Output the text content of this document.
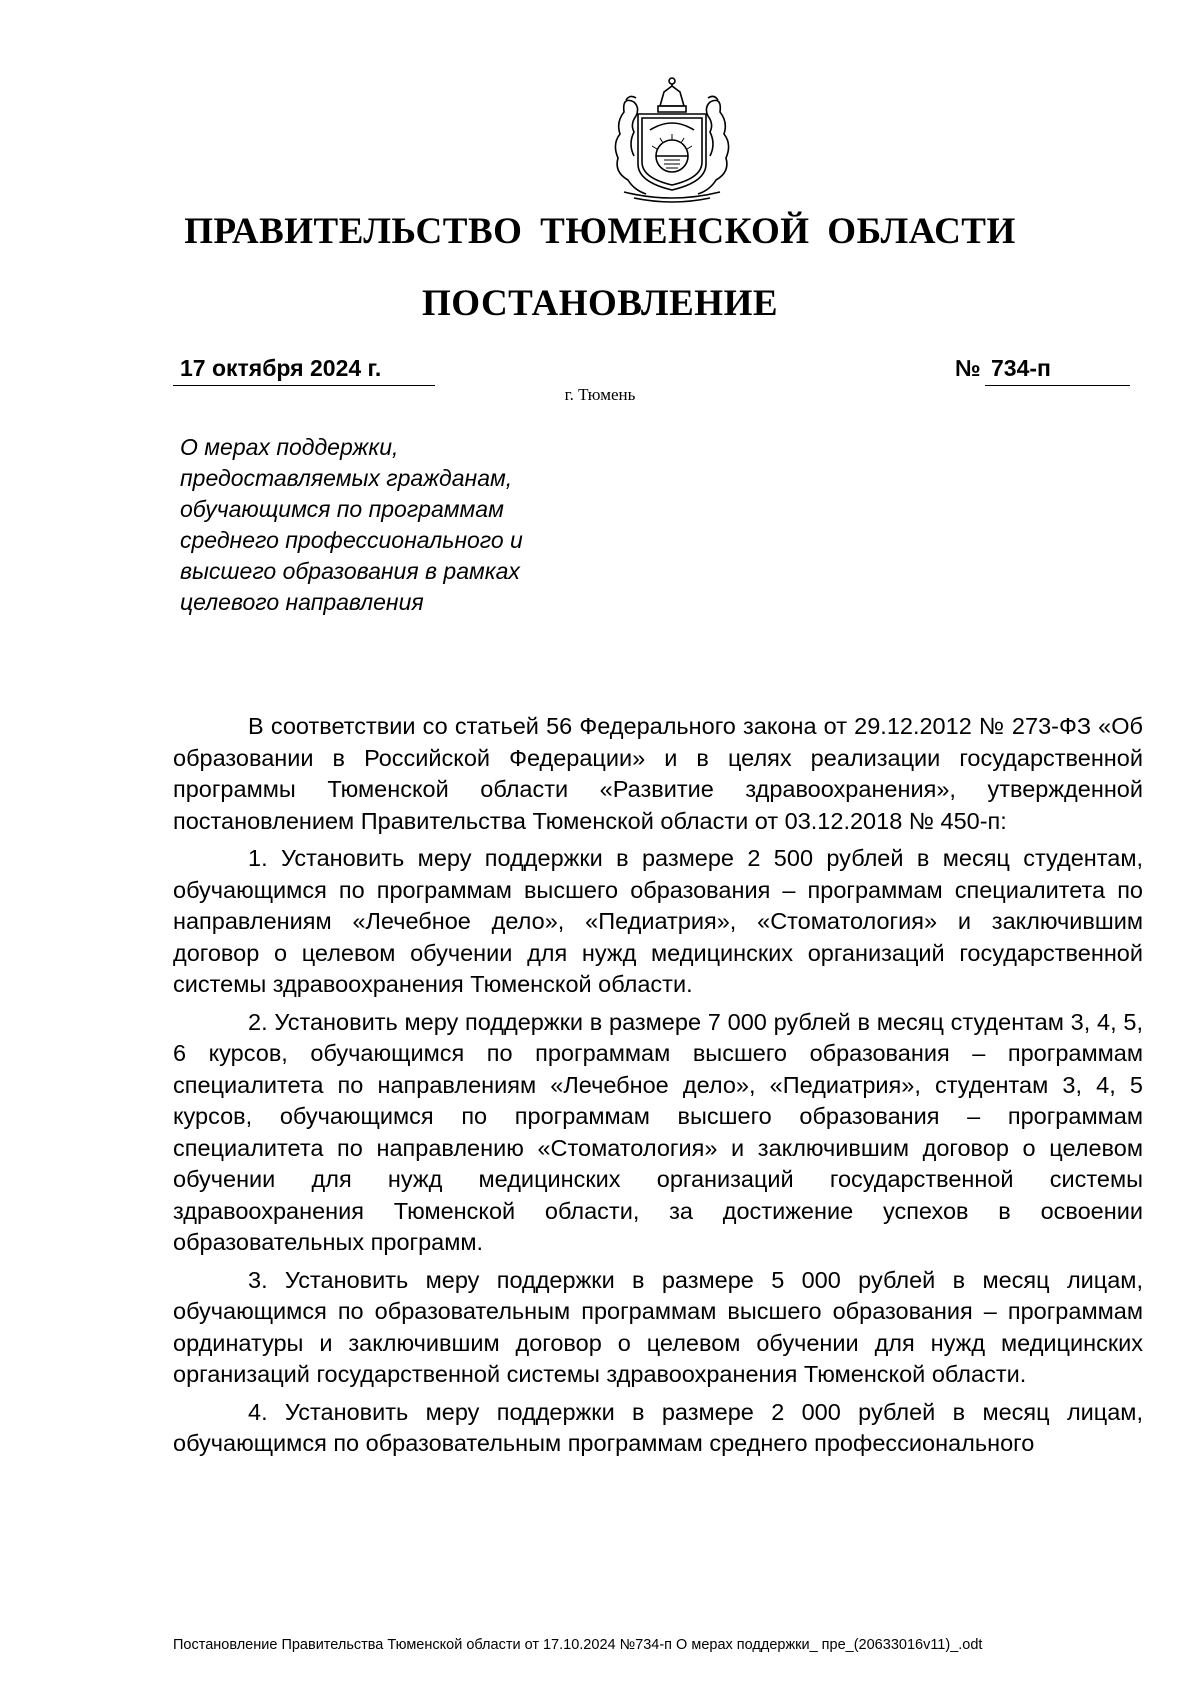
ПРАВИТЕЛЬСТВО ТЮМЕНСКОЙ ОБЛАСТИ
ПОСТАНОВЛЕНИЕ
17 октября 2024 г.	№ 734-п
г. Тюмень
О мерах поддержки,
предоставляемых гражданам,
обучающимся по программам
среднего профессионального и
высшего образования в рамках
целевого направления

В соответствии со статьей 56 Федерального закона от 29.12.2012 № 273-ФЗ «Об образовании в Российской Федерации» и в целях реализации государственной программы Тюменской области «Развитие здравоохранения», утвержденной постановлением Правительства Тюменской области от 03.12.2018 № 450-п:

1. Установить меру поддержки в размере 2 500 рублей в месяц студентам, обучающимся по программам высшего образования – программам специалитета по направлениям «Лечебное дело», «Педиатрия», «Стоматология» и заключившим договор о целевом обучении для нужд медицинских организаций государственной системы здравоохранения Тюменской области.

2. Установить меру поддержки в размере 7 000 рублей в месяц студентам 3, 4, 5, 6 курсов, обучающимся по программам высшего образования – программам специалитета по направлениям «Лечебное дело», «Педиатрия», студентам 3, 4, 5 курсов, обучающимся по программам высшего образования – программам специалитета по направлению «Стоматология» и заключившим договор о целевом обучении для нужд медицинских организаций государственной системы здравоохранения Тюменской области, за достижение успехов в освоении образовательных программ.

3. Установить меру поддержки в размере 5 000 рублей в месяц лицам, обучающимся по образовательным программам высшего образования – программам ординатуры и заключившим договор о целевом обучении для нужд медицинских организаций государственной системы здравоохранения Тюменской области.

4. Установить меру поддержки в размере 2 000 рублей в месяц лицам, обучающимся по образовательным программам среднего профессионального

Постановление Правительства Тюменской области от 17.10.2024 №734-п О мерах поддержки_ пре_(20633016v11)_.odt
